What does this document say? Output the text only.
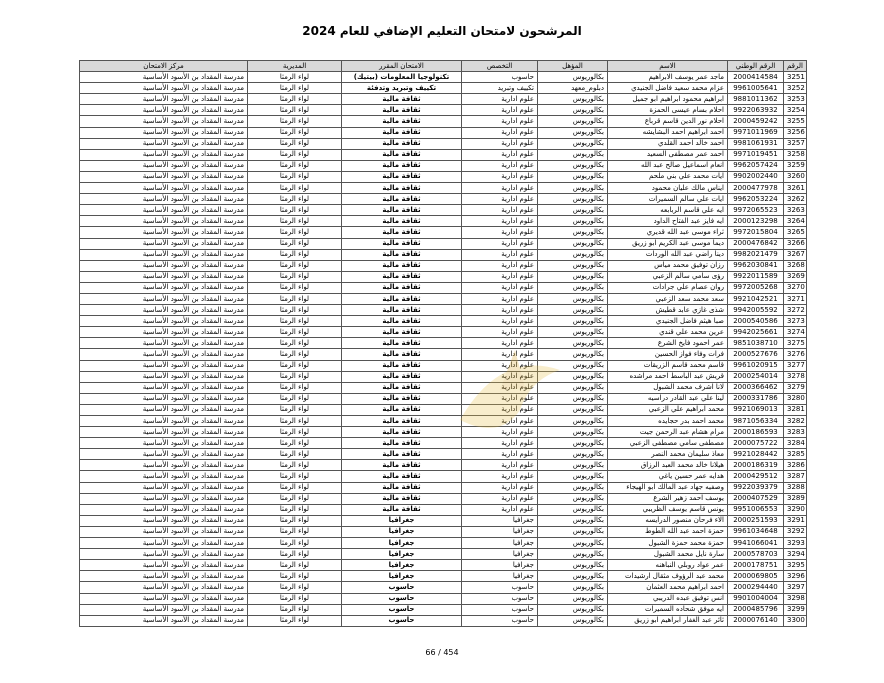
المرشحون لامتحان التعليم الإضافي للعام 2024
الرقم	الرقم الوطني	الاسم	المؤهل	التخصص	الامتحان المقرر	المديرية	مركز الامتحان
3251	2000414584	ماجد عمر يوسف الابراهيم	بكالوريوس	حاسوب	تكنولوجيا المعلومات (بيتيك)	لواء الرمثا	مدرسة المقداد بن الأسود الأساسية
3252	9961005641	عزام محمد سعيد فاضل الجنيدي	دبلوم_معهد	تكييف وتبريد	تكييف وتبريد وتدفئة	لواء الرمثا	مدرسة المقداد بن الأسود الأساسية
3253	9881011362	ابراهيم محمود ابراهيم ابو جميل	بكالوريوس	علوم ادارية	ثقافة مالية	لواء الرمثا	مدرسة المقداد بن الأسود الأساسية
3254	9922063932	احلام بسام عيسى الحمزة	بكالوريوس	علوم ادارية	ثقافة مالية	لواء الرمثا	مدرسة المقداد بن الأسود الأساسية
3255	2000459242	احلام نور الدين قاسم قرباع	بكالوريوس	علوم ادارية	ثقافة مالية	لواء الرمثا	مدرسة المقداد بن الأسود الأساسية
3256	9971011969	احمد ابراهيم احمد البشايشه	بكالوريوس	علوم ادارية	ثقافة مالية	لواء الرمثا	مدرسة المقداد بن الأسود الأساسية
3257	9981061931	احمد خالد احمد القلدي	بكالوريوس	علوم ادارية	ثقافة مالية	لواء الرمثا	مدرسة المقداد بن الأسود الأساسية
3258	9971019451	احمد عمر مصطفى السعيد	بكالوريوس	علوم ادارية	ثقافة مالية	لواء الرمثا	مدرسة المقداد بن الأسود الأساسية
3259	9962057424	انعام اسماعيل صالح عبد الله	بكالوريوس	علوم ادارية	ثقافة مالية	لواء الرمثا	مدرسة المقداد بن الأسود الأساسية
3260	9902002440	ايات محمد علي بني ملحم	بكالوريوس	علوم ادارية	ثقافة مالية	لواء الرمثا	مدرسة المقداد بن الأسود الأساسية
3261	2000477978	ايناس مالك عليان محمود	بكالوريوس	علوم ادارية	ثقافة مالية	لواء الرمثا	مدرسة المقداد بن الأسود الأساسية
3262	9962053224	ايات علي سالم السميرات	بكالوريوس	علوم ادارية	ثقافة مالية	لواء الرمثا	مدرسة المقداد بن الأسود الأساسية
3263	9972065523	ايه علي قاسم الربابعه	بكالوريوس	علوم ادارية	ثقافة مالية	لواء الرمثا	مدرسة المقداد بن الأسود الأساسية
3264	2000123298	ايه فايز عبد الفتاح الداود	بكالوريوس	علوم ادارية	ثقافة مالية	لواء الرمثا	مدرسة المقداد بن الأسود الأساسية
3265	9972015804	ثراء موسى عبد الله قديري	بكالوريوس	علوم ادارية	ثقافة مالية	لواء الرمثا	مدرسة المقداد بن الأسود الأساسية
3266	2000476842	ديما موسى عبد الكريم ابو زريق	بكالوريوس	علوم ادارية	ثقافة مالية	لواء الرمثا	مدرسة المقداد بن الأسود الأساسية
3267	9982021479	دينا راضي عبد الله الوردات	بكالوريوس	علوم ادارية	ثقافة مالية	لواء الرمثا	مدرسة المقداد بن الأسود الأساسية
3268	9962030841	رزان توفيق محمد مياس	بكالوريوس	علوم ادارية	ثقافة مالية	لواء الرمثا	مدرسة المقداد بن الأسود الأساسية
3269	9922011589	رؤى سامي سالم الزعبي	بكالوريوس	علوم ادارية	ثقافة مالية	لواء الرمثا	مدرسة المقداد بن الأسود الأساسية
3270	9972005268	روان عصام علي جرادات	بكالوريوس	علوم ادارية	ثقافة مالية	لواء الرمثا	مدرسة المقداد بن الأسود الأساسية
3271	9921042521	سعد محمد سعد الزعبي	بكالوريوس	علوم ادارية	ثقافة مالية	لواء الرمثا	مدرسة المقداد بن الأسود الأساسية
3272	9942005592	شذى غازي عابد قطيش	بكالوريوس	علوم ادارية	ثقافة مالية	لواء الرمثا	مدرسة المقداد بن الأسود الأساسية
3273	2000540586	صبا هيثم فاضل الجنيدي	بكالوريوس	علوم ادارية	ثقافة مالية	لواء الرمثا	مدرسة المقداد بن الأسود الأساسية
3274	9942025661	عرين محمد علي قندي	بكالوريوس	علوم ادارية	ثقافة مالية	لواء الرمثا	مدرسة المقداد بن الأسود الأساسية
3275	9851038710	عمر احمود فايخ الشرع	بكالوريوس	علوم ادارية	ثقافة مالية	لواء الرمثا	مدرسة المقداد بن الأسود الأساسية
3276	2000527676	فرات وفاء فواز الحسين	بكالوريوس	علوم ادارية	ثقافة مالية	لواء الرمثا	مدرسة المقداد بن الأسود الأساسية
3277	9961020915	قاسم محمد قاسم الزريقات	بكالوريوس	علوم ادارية	ثقافة مالية	لواء الرمثا	مدرسة المقداد بن الأسود الأساسية
3278	2000254014	قريش عبد الباسط احمد مراشده	بكالوريوس	علوم ادارية	ثقافة مالية	لواء الرمثا	مدرسة المقداد بن الأسود الأساسية
3279	2000366462	لانا اشرف محمد الشبول	بكالوريوس	علوم ادارية	ثقافة مالية	لواء الرمثا	مدرسة المقداد بن الأسود الأساسية
3280	2000331786	لينا علي عبد القادر دراسيه	بكالوريوس	علوم ادارية	ثقافة مالية	لواء الرمثا	مدرسة المقداد بن الأسود الأساسية
3281	9921069013	محمد ابراهيم علي الزعبي	بكالوريوس	علوم ادارية	ثقافة مالية	لواء الرمثا	مدرسة المقداد بن الأسود الأساسية
3282	9871056334	محمد احمد بدر حجايده	بكالوريوس	علوم ادارية	ثقافة مالية	لواء الرمثا	مدرسة المقداد بن الأسود الأساسية
3283	2000186593	مرام هشام عبد الرحمن جيت	بكالوريوس	علوم ادارية	ثقافة مالية	لواء الرمثا	مدرسة المقداد بن الأسود الأساسية
3284	2000075722	مصطفى سامي مصطفى الزعبي	بكالوريوس	علوم ادارية	ثقافة مالية	لواء الرمثا	مدرسة المقداد بن الأسود الأساسية
3285	9921028442	معاذ سليمان محمد النصر	بكالوريوس	علوم ادارية	ثقافة مالية	لواء الرمثا	مدرسة المقداد بن الأسود الأساسية
3286	2000186319	هيلانا خالد محمد العبد الرزاق	بكالوريوس	علوم ادارية	ثقافة مالية	لواء الرمثا	مدرسة المقداد بن الأسود الأساسية
3287	2000429512	هدايه عمر حسين ياغي	بكالوريوس	علوم ادارية	ثقافة مالية	لواء الرمثا	مدرسة المقداد بن الأسود الأساسية
3288	9922039379	وصفيه جهاد عبد المالك ابو الهيجاء	بكالوريوس	علوم ادارية	ثقافة مالية	لواء الرمثا	مدرسة المقداد بن الأسود الأساسية
3289	2000407529	يوسف احمد زهير الشرع	بكالوريوس	علوم ادارية	ثقافة مالية	لواء الرمثا	مدرسة المقداد بن الأسود الأساسية
3290	9951006553	يونس قاسم يوسف الظريبي	بكالوريوس	علوم ادارية	ثقافة مالية	لواء الرمثا	مدرسة المقداد بن الأسود الأساسية
3291	2000251593	الاء فرحان منصور الدرايسه	بكالوريوس	جغرافيا	جغرافيا	لواء الرمثا	مدرسة المقداد بن الأسود الأساسية
3292	9961034648	حمزة احمد عبد الله الطوط	بكالوريوس	جغرافيا	جغرافيا	لواء الرمثا	مدرسة المقداد بن الأسود الأساسية
3293	9941066041	حمزة محمد حمزة الشبول	بكالوريوس	جغرافيا	جغرافيا	لواء الرمثا	مدرسة المقداد بن الأسود الأساسية
3294	2000578703	سارة نايل محمد الشبول	بكالوريوس	جغرافيا	جغرافيا	لواء الرمثا	مدرسة المقداد بن الأسود الأساسية
3295	2000178751	عمر عواد روبلي النباهنه	بكالوريوس	جغرافيا	جغرافيا	لواء الرمثا	مدرسة المقداد بن الأسود الأساسية
3296	2000069805	محمد عبد الرؤوف مثقال ارشيدات	بكالوريوس	جغرافيا	جغرافيا	لواء الرمثا	مدرسة المقداد بن الأسود الأساسية
3297	2000294440	احمد ابراهيم محمد العثمان	بكالوريوس	حاسوب	حاسوب	لواء الرمثا	مدرسة المقداد بن الأسود الأساسية
3298	9901004004	انس توفيق عبده الدريبي	بكالوريوس	حاسوب	حاسوب	لواء الرمثا	مدرسة المقداد بن الأسود الأساسية
3299	2000485796	ايه موفق شحاده السميرات	بكالوريوس	حاسوب	حاسوب	لواء الرمثا	مدرسة المقداد بن الأسود الأساسية
3300	2000076140	ثائر عبد الغفار ابراهيم ابو زريق	بكالوريوس	حاسوب	حاسوب	لواء الرمثا	مدرسة المقداد بن الأسود الأساسية
66 / 454
